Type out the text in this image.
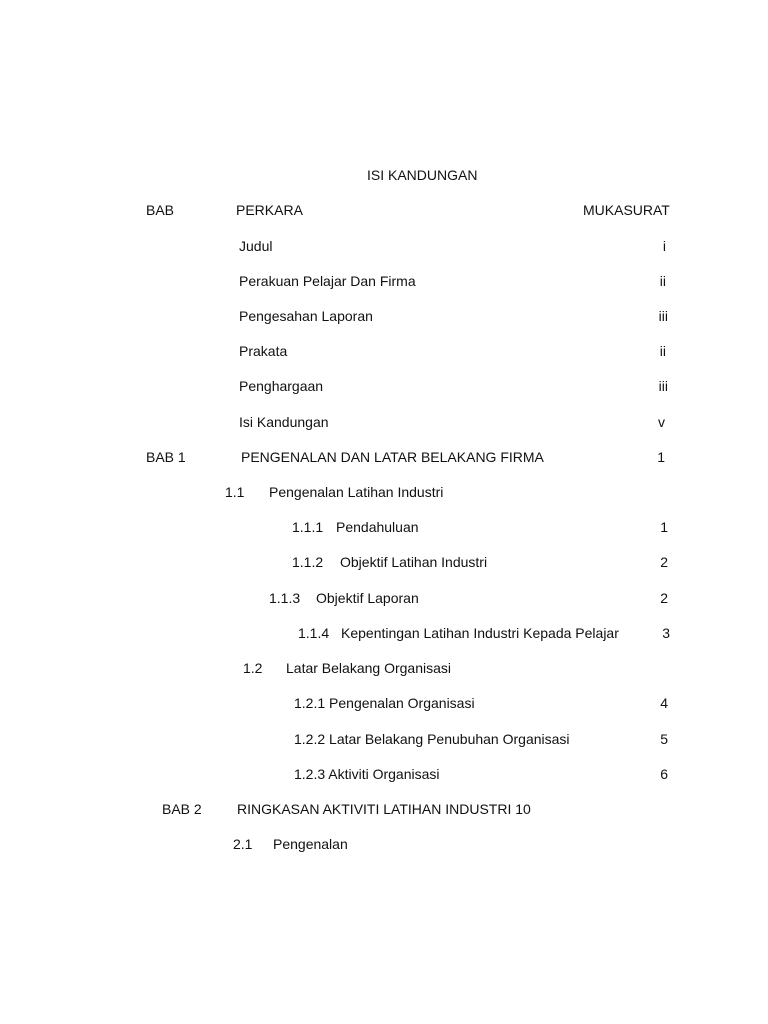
ISI KANDUNGAN
BAB	PERKARA	MUKASURAT
Judul	i
Perakuan Pelajar Dan Firma	ii
Pengesahan Laporan	iii
Prakata	ii
Penghargaan	iii
Isi Kandungan	v
BAB 1	PENGENALAN DAN LATAR BELAKANG FIRMA	1
1.1 Pengenalan Latihan Industri
1.1.1 Pendahuluan	1
1.1.2 Objektif Latihan Industri	2
1.1.3 Objektif Laporan	2
1.1.4 Kepentingan Latihan Industri Kepada Pelajar	3
1.2 Latar Belakang Organisasi
1.2.1 Pengenalan Organisasi	4
1.2.2 Latar Belakang Penubuhan Organisasi	5
1.2.3 Aktiviti Organisasi	6
BAB 2	RINGKASAN AKTIVITI LATIHAN INDUSTRI 10
2.1 Pengenalan
